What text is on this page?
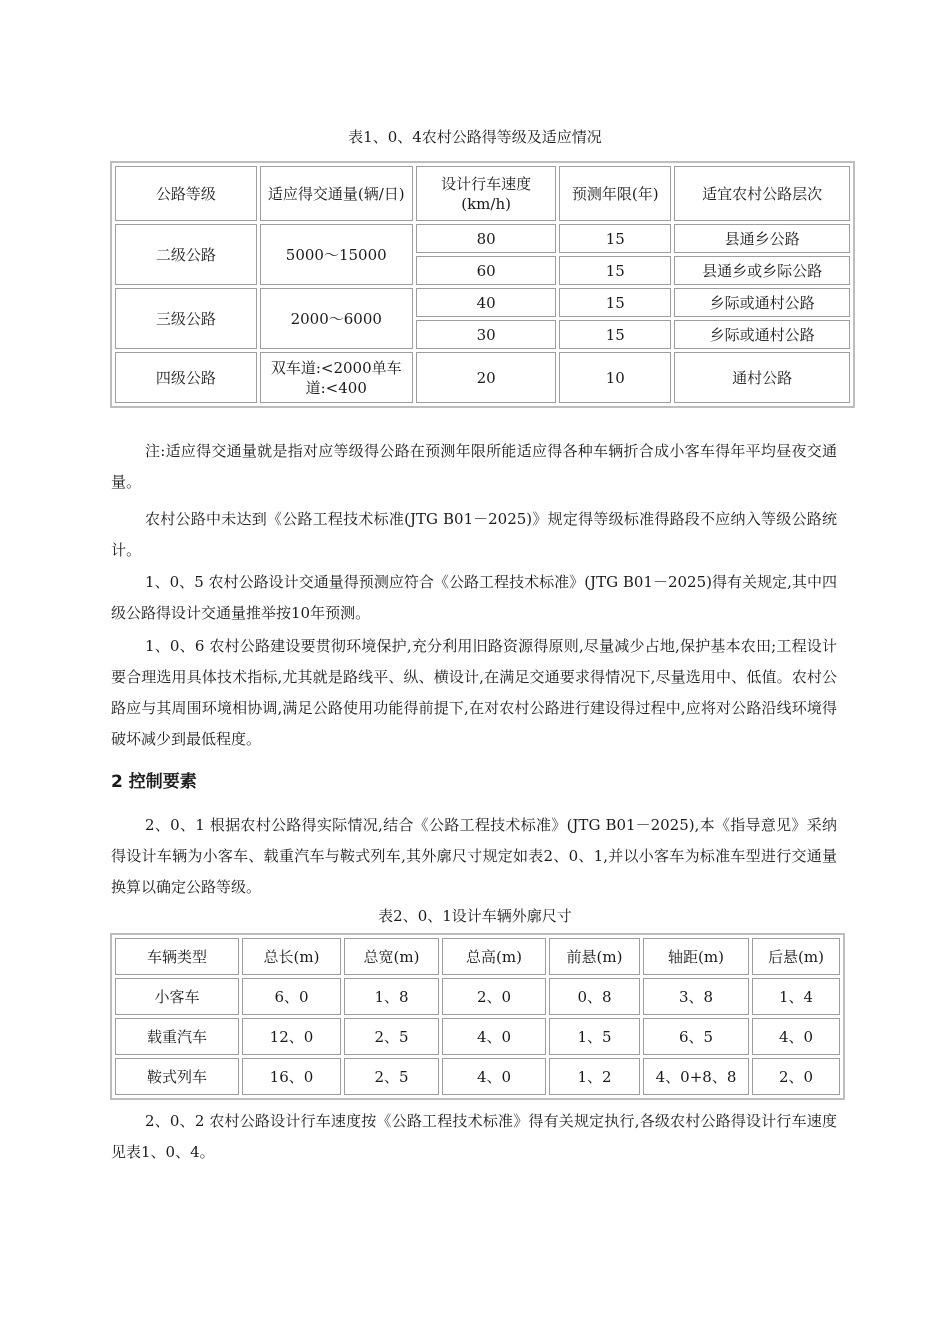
表1、0、4农村公路得等级及适应情况
公路等级	适应得交通量(辆/日)	设计行车速度(km/h)	预测年限(年)	适宜农村公路层次
二级公路	5000～15000	80	15	县通乡公路
		60	15	县通乡或乡际公路
三级公路	2000～6000	40	15	乡际或通村公路
		30	15	乡际或通村公路
四级公路	双车道:<2000单车道:<400	20	10	通村公路

注:适应得交通量就是指对应等级得公路在预测年限所能适应得各种车辆折合成小客车得年平均昼夜交通量。

农村公路中未达到《公路工程技术标准(JTG B01－2025)》规定得等级标准得路段不应纳入等级公路统计。

1、0、5 农村公路设计交通量得预测应符合《公路工程技术标准》(JTG B01－2025)得有关规定,其中四级公路得设计交通量推举按10年预测。

1、0、6 农村公路建设要贯彻环境保护,充分利用旧路资源得原则,尽量减少占地,保护基本农田;工程设计要合理选用具体技术指标,尤其就是路线平、纵、横设计,在满足交通要求得情况下,尽量选用中、低值。农村公路应与其周围环境相协调,满足公路使用功能得前提下,在对农村公路进行建设得过程中,应将对公路沿线环境得破坏减少到最低程度。

2 控制要素

2、0、1 根据农村公路得实际情况,结合《公路工程技术标准》(JTG B01－2025),本《指导意见》采纳得设计车辆为小客车、载重汽车与鞍式列车,其外廓尺寸规定如表2、0、1,并以小客车为标准车型进行交通量换算以确定公路等级。

表2、0、1设计车辆外廓尺寸
车辆类型	总长(m)	总宽(m)	总高(m)	前悬(m)	轴距(m)	后悬(m)
小客车	6、0	1、8	2、0	0、8	3、8	1、4
载重汽车	12、0	2、5	4、0	1、5	6、5	4、0
鞍式列车	16、0	2、5	4、0	1、2	4、0+8、8	2、0

2、0、2 农村公路设计行车速度按《公路工程技术标准》得有关规定执行,各级农村公路得设计行车速度见表1、0、4。
